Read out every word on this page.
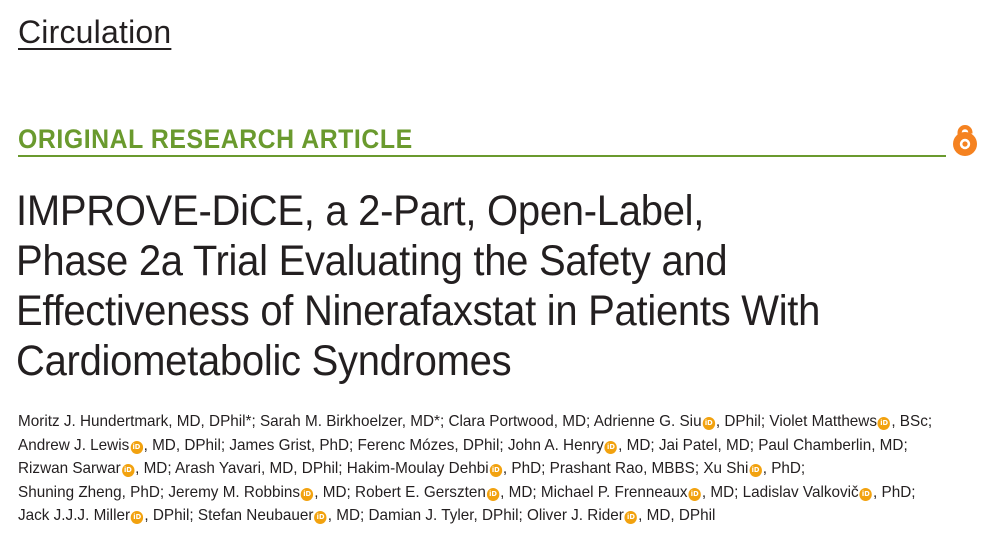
Circulation
ORIGINAL RESEARCH ARTICLE
IMPROVE-DiCE, a 2-Part, Open-Label,
Phase 2a Trial Evaluating the Safety and
Effectiveness of Ninerafaxstat in Patients With
Cardiometabolic Syndromes
Moritz J. Hundertmark, MD, DPhil*; Sarah M. Birkhoelzer, MD*; Clara Portwood, MD; Adrienne G. Siu iD , DPhil; Violet Matthews iD , BSc;
Andrew J. Lewis iD , MD, DPhil; James Grist, PhD; Ferenc Mózes, DPhil; John A. Henry iD , MD; Jai Patel, MD; Paul Chamberlin, MD;
Rizwan Sarwar iD , MD; Arash Yavari, MD, DPhil; Hakim-Moulay Dehbi iD , PhD; Prashant Rao, MBBS; Xu Shi iD , PhD;
Shuning Zheng, PhD; Jeremy M. Robbins iD , MD; Robert E. Gerszten iD , MD; Michael P. Frenneaux iD , MD; Ladislav Valkovič iD , PhD;
Jack J.J.J. Miller iD , DPhil; Stefan Neubauer iD , MD; Damian J. Tyler, DPhil; Oliver J. Rider iD , MD, DPhil
